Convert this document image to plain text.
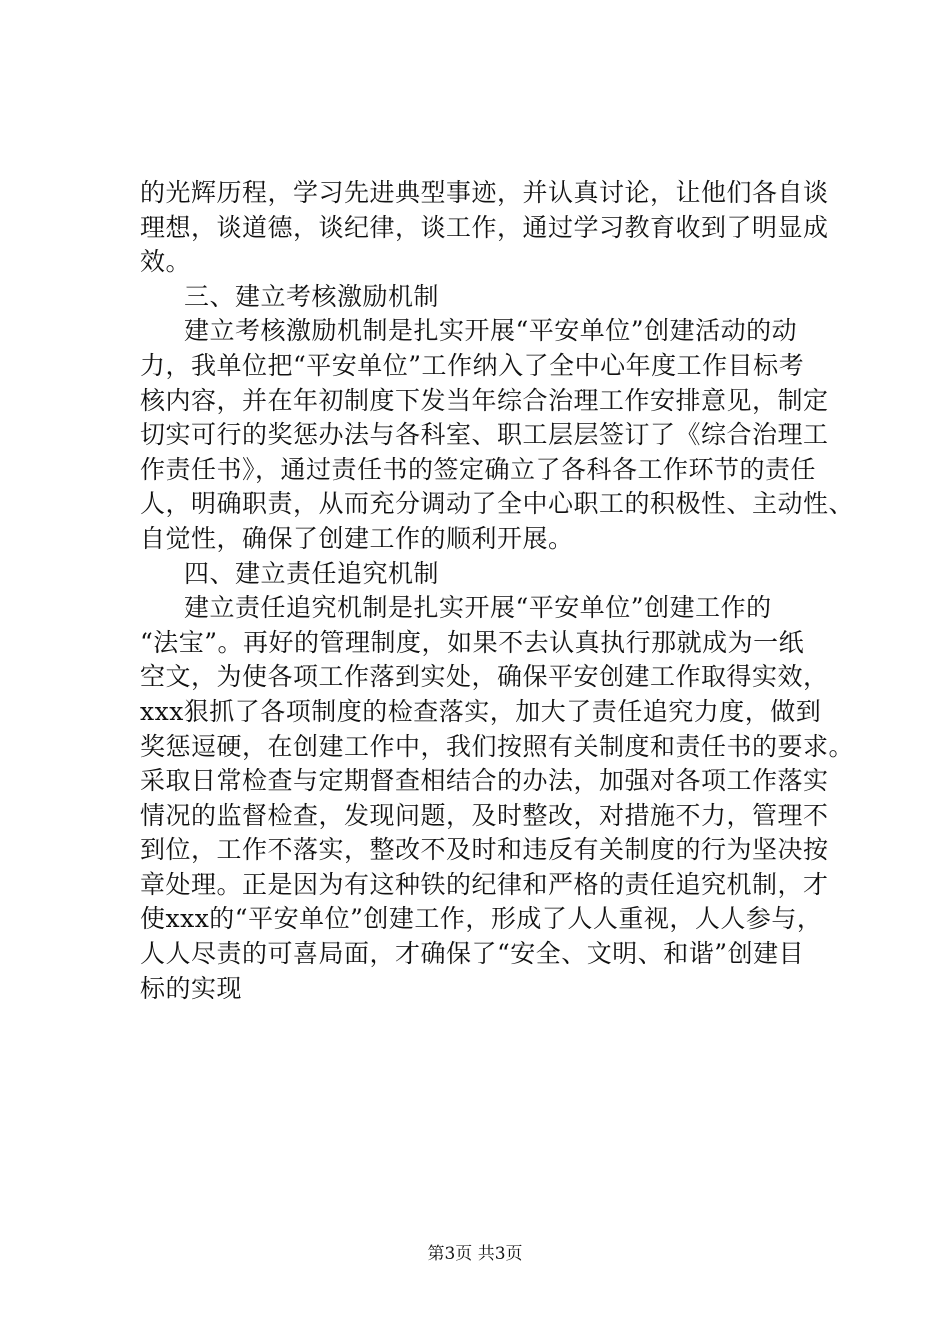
的光辉历程，学习先进典型事迹，并认真讨论，让他们各自谈
理想，谈道德，谈纪律，谈工作，通过学习教育收到了明显成
效。
三、建立考核激励机制
建立考核激励机制是扎实开展“平安单位”创建活动的动
力，我单位把“平安单位”工作纳入了全中心年度工作目标考
核内容，并在年初制度下发当年综合治理工作安排意见，制定
切实可行的奖惩办法与各科室、职工层层签订了《综合治理工
作责任书》，通过责任书的签定确立了各科各工作环节的责任
人，明确职责，从而充分调动了全中心职工的积极性、主动性、
自觉性，确保了创建工作的顺利开展。
四、建立责任追究机制
建立责任追究机制是扎实开展“平安单位”创建工作的
“法宝”。再好的管理制度，如果不去认真执行那就成为一纸
空文，为使各项工作落到实处，确保平安创建工作取得实效，
xxx狠抓了各项制度的检查落实，加大了责任追究力度，做到
奖惩逗硬，在创建工作中，我们按照有关制度和责任书的要求。
采取日常检查与定期督查相结合的办法，加强对各项工作落实
情况的监督检查，发现问题，及时整改，对措施不力，管理不
到位，工作不落实，整改不及时和违反有关制度的行为坚决按
章处理。正是因为有这种铁的纪律和严格的责任追究机制，才
使xxx的“平安单位”创建工作，形成了人人重视，人人参与，
人人尽责的可喜局面，才确保了“安全、文明、和谐”创建目
标的实现
第3页 共3页
